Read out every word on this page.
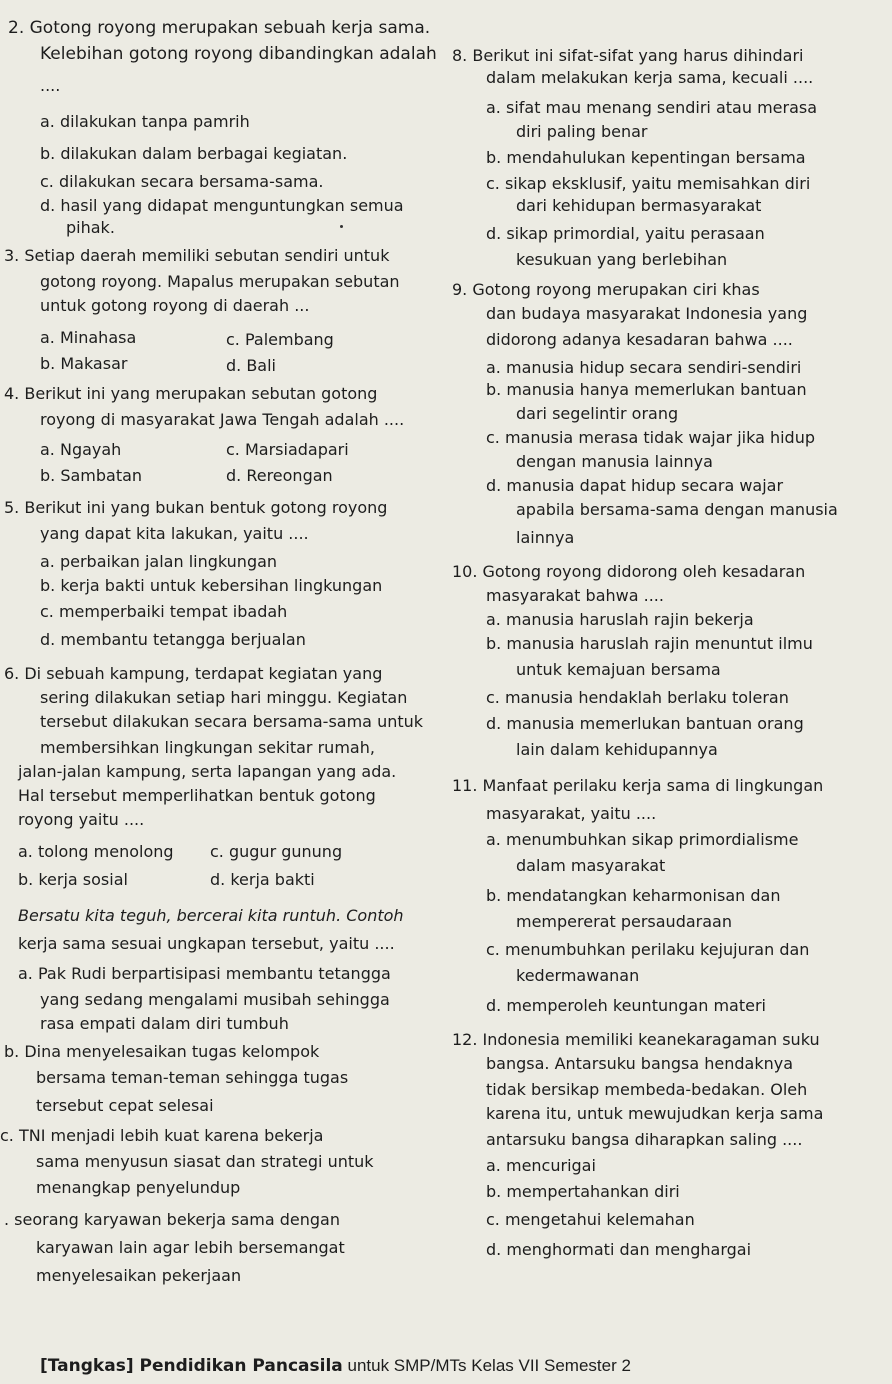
2. Gotong royong merupakan sebuah kerja sama.
Kelebihan gotong royong dibandingkan adalah
....
a. dilakukan tanpa pamrih
b. dilakukan dalam berbagai kegiatan.
c. dilakukan secara bersama-sama.
d. hasil yang didapat menguntungkan semua
pihak.
3. Setiap daerah memiliki sebutan sendiri untuk
gotong royong. Mapalus merupakan sebutan
untuk gotong royong di daerah ...
a. Minahasa	c. Palembang
b. Makasar	d. Bali
4. Berikut ini yang merupakan sebutan gotong
royong di masyarakat Jawa Tengah adalah ....
a. Ngayah	c. Marsiadapari
b. Sambatan	d. Rereongan
5. Berikut ini yang bukan bentuk gotong royong
yang dapat kita lakukan, yaitu ....
a. perbaikan jalan lingkungan
b. kerja bakti untuk kebersihan lingkungan
c. memperbaiki tempat ibadah
d. membantu tetangga berjualan
6. Di sebuah kampung, terdapat kegiatan yang
sering dilakukan setiap hari minggu. Kegiatan
tersebut dilakukan secara bersama-sama untuk
membersihkan lingkungan sekitar rumah,
jalan-jalan kampung, serta lapangan yang ada.
Hal tersebut memperlihatkan bentuk gotong
royong yaitu ....
a. tolong menolong c. gugur gunung
b. kerja sosial	d. kerja bakti
Bersatu kita teguh, bercerai kita runtuh. Contoh
kerja sama sesuai ungkapan tersebut, yaitu ....
a. Pak Rudi berpartisipasi membantu tetangga
yang sedang mengalami musibah sehingga
rasa empati dalam diri tumbuh
b. Dina menyelesaikan tugas kelompok
bersama teman-teman sehingga tugas
tersebut cepat selesai
c. TNI menjadi lebih kuat karena bekerja
sama menyusun siasat dan strategi untuk
menangkap penyelundup
. seorang karyawan bekerja sama dengan
karyawan lain agar lebih bersemangat
menyelesaikan pekerjaan
8. Berikut ini sifat-sifat yang harus dihindari
dalam melakukan kerja sama, kecuali ....
a. sifat mau menang sendiri atau merasa
diri paling benar
b. mendahulukan kepentingan bersama
c. sikap eksklusif, yaitu memisahkan diri
dari kehidupan bermasyarakat
d. sikap primordial, yaitu perasaan
kesukuan yang berlebihan
9. Gotong royong merupakan ciri khas
dan budaya masyarakat Indonesia yang
didorong adanya kesadaran bahwa ....
a. manusia hidup secara sendiri-sendiri
b. manusia hanya memerlukan bantuan
dari segelintir orang
c. manusia merasa tidak wajar jika hidup
dengan manusia lainnya
d. manusia dapat hidup secara wajar
apabila bersama-sama dengan manusia
lainnya
10. Gotong royong didorong oleh kesadaran
masyarakat bahwa ....
a. manusia haruslah rajin bekerja
b. manusia haruslah rajin menuntut ilmu
untuk kemajuan bersama
c. manusia hendaklah berlaku toleran
d. manusia memerlukan bantuan orang
lain dalam kehidupannya
11. Manfaat perilaku kerja sama di lingkungan
masyarakat, yaitu ....
a. menumbuhkan sikap primordialisme
dalam masyarakat
b. mendatangkan keharmonisan dan
mempererat persaudaraan
c. menumbuhkan perilaku kejujuran dan
kedermawanan
d. memperoleh keuntungan materi
12. Indonesia memiliki keanekaragaman suku
bangsa. Antarsuku bangsa hendaknya
tidak bersikap membeda-bedakan. Oleh
karena itu, untuk mewujudkan kerja sama
antarsuku bangsa diharapkan saling ....
a. mencurigai
b. mempertahankan diri
c. mengetahui kelemahan
d. menghormati dan menghargai
[Tangkas] Pendidikan Pancasila untuk SMP/MTs Kelas VII Semester 2
